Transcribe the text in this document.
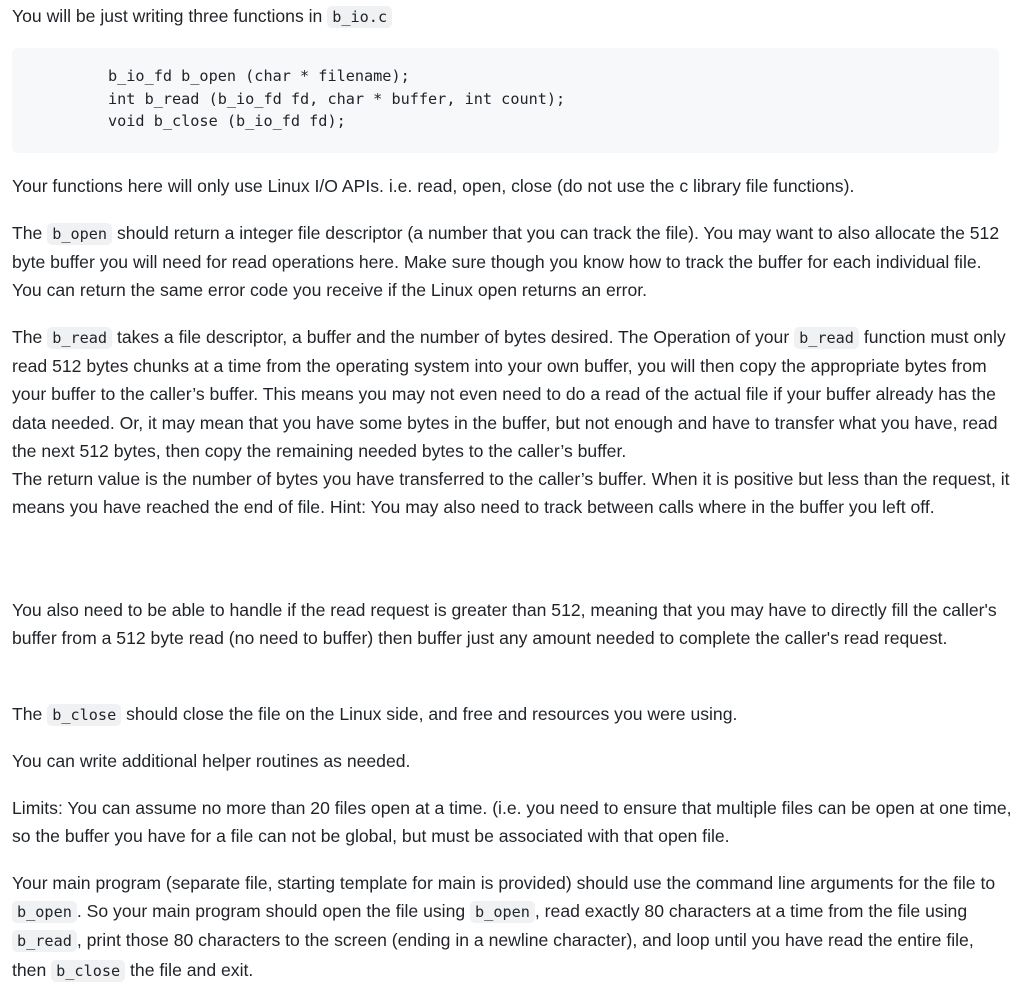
You will be just writing three functions in b_io.c

b_io_fd b_open (char * filename);
int b_read (b_io_fd fd, char * buffer, int count);
void b_close (b_io_fd fd);

Your functions here will only use Linux I/O APIs. i.e. read, open, close (do not use the c library file functions).

The b_open should return a integer file descriptor (a number that you can track the file). You may want to also allocate the 512 byte buffer you will need for read operations here. Make sure though you know how to track the buffer for each individual file. You can return the same error code you receive if the Linux open returns an error.

The b_read takes a file descriptor, a buffer and the number of bytes desired. The Operation of your b_read function must only read 512 bytes chunks at a time from the operating system into your own buffer, you will then copy the appropriate bytes from your buffer to the caller’s buffer. This means you may not even need to do a read of the actual file if your buffer already has the data needed. Or, it may mean that you have some bytes in the buffer, but not enough and have to transfer what you have, read the next 512 bytes, then copy the remaining needed bytes to the caller’s buffer.
The return value is the number of bytes you have transferred to the caller’s buffer. When it is positive but less than the request, it means you have reached the end of file. Hint: You may also need to track between calls where in the buffer you left off.

You also need to be able to handle if the read request is greater than 512, meaning that you may have to directly fill the caller's buffer from a 512 byte read (no need to buffer) then buffer just any amount needed to complete the caller's read request.

The b_close should close the file on the Linux side, and free and resources you were using.

You can write additional helper routines as needed.

Limits: You can assume no more than 20 files open at a time. (i.e. you need to ensure that multiple files can be open at one time, so the buffer you have for a file can not be global, but must be associated with that open file.

Your main program (separate file, starting template for main is provided) should use the command line arguments for the file to b_open . So your main program should open the file using b_open , read exactly 80 characters at a time from the file using b_read , print those 80 characters to the screen (ending in a newline character), and loop until you have read the entire file, then b_close the file and exit.
